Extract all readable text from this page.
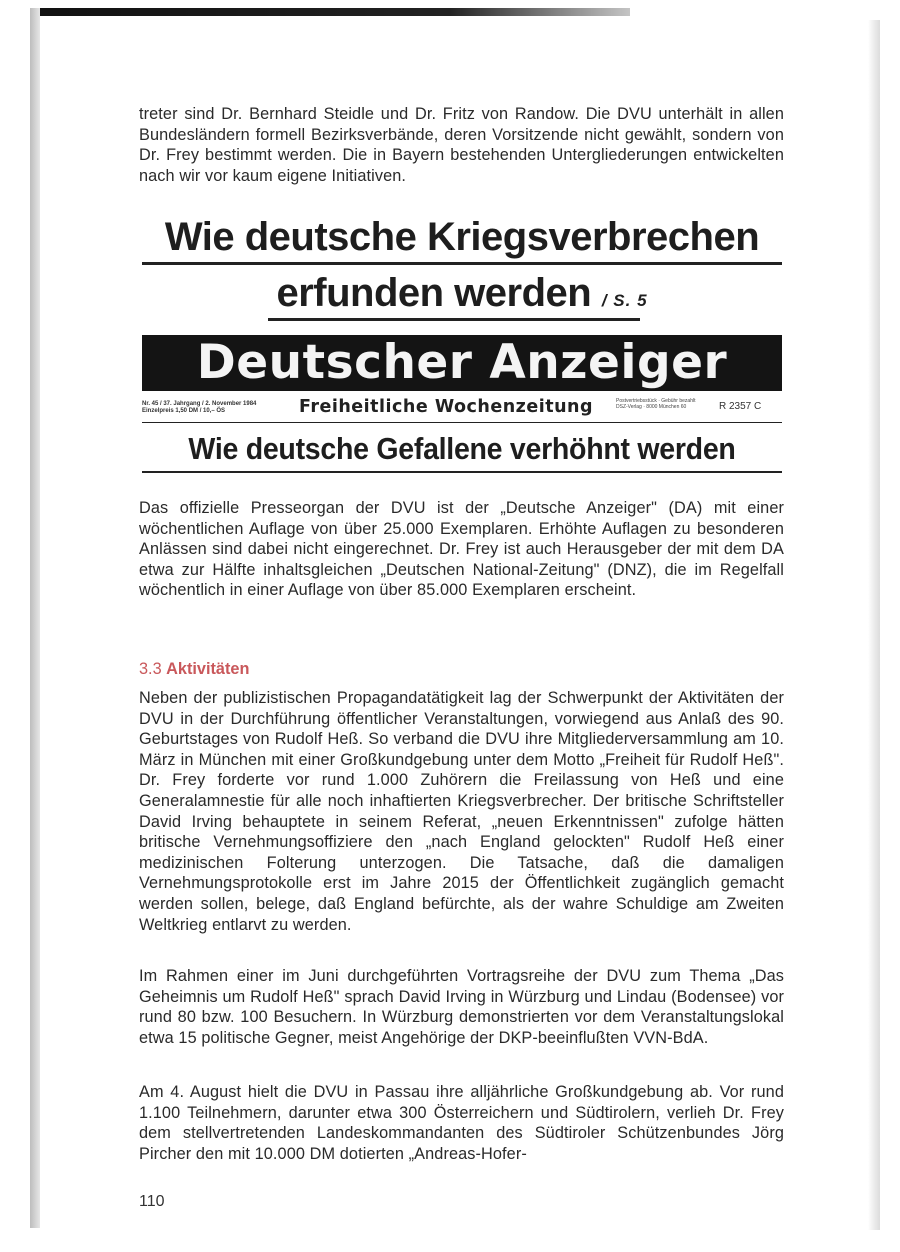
treter sind Dr. Bernhard Steidle und Dr. Fritz von Randow. Die DVU unterhält in allen Bundesländern formell Bezirksverbände, deren Vorsitzende nicht gewählt, sondern von Dr. Frey bestimmt werden. Die in Bayern bestehenden Untergliederungen entwickelten nach wir vor kaum eigene Initiativen.

Wie deutsche Kriegsverbrechen
erfunden werden / S. 5
Deutscher Anzeiger
Nr. 45 / 37. Jahrgang / 2. November 1984
Einzelpreis 1,50 DM / 10,– ÖS	Freiheitliche Wochenzeitung	Postvertriebsstück · Gebühr bezahlt
DSZ-Verlag · 8000 München 60	R 2357 C
Wie deutsche Gefallene verhöhnt werden

Das offizielle Presseorgan der DVU ist der „Deutsche Anzeiger" (DA) mit einer wöchentlichen Auflage von über 25.000 Exemplaren. Erhöhte Auflagen zu besonderen Anlässen sind dabei nicht eingerechnet. Dr. Frey ist auch Herausgeber der mit dem DA etwa zur Hälfte inhaltsgleichen „Deutschen National-Zeitung" (DNZ), die im Regelfall wöchentlich in einer Auflage von über 85.000 Exemplaren erscheint.

3.3 Aktivitäten

Neben der publizistischen Propagandatätigkeit lag der Schwerpunkt der Aktivitäten der DVU in der Durchführung öffentlicher Veranstaltungen, vorwiegend aus Anlaß des 90. Geburtstages von Rudolf Heß. So verband die DVU ihre Mitgliederversammlung am 10. März in München mit einer Großkundgebung unter dem Motto „Freiheit für Rudolf Heß". Dr. Frey forderte vor rund 1.000 Zuhörern die Freilassung von Heß und eine Generalamnestie für alle noch inhaftierten Kriegsverbrecher. Der britische Schriftsteller David Irving behauptete in seinem Referat, „neuen Erkenntnissen" zufolge hätten britische Vernehmungsoffiziere den „nach England gelockten" Rudolf Heß einer medizinischen Folterung unterzogen. Die Tatsache, daß die damaligen Vernehmungsprotokolle erst im Jahre 2015 der Öffentlichkeit zugänglich gemacht werden sollen, belege, daß England befürchte, als der wahre Schuldige am Zweiten Weltkrieg entlarvt zu werden.

Im Rahmen einer im Juni durchgeführten Vortragsreihe der DVU zum Thema „Das Geheimnis um Rudolf Heß" sprach David Irving in Würzburg und Lindau (Bodensee) vor rund 80 bzw. 100 Besuchern. In Würzburg demonstrierten vor dem Veranstaltungslokal etwa 15 politische Gegner, meist Angehörige der DKP-beeinflußten VVN-BdA.

Am 4. August hielt die DVU in Passau ihre alljährliche Großkundgebung ab. Vor rund 1.100 Teilnehmern, darunter etwa 300 Österreichern und Südtirolern, verlieh Dr. Frey dem stellvertretenden Landeskommandanten des Südtiroler Schützenbundes Jörg Pircher den mit 10.000 DM dotierten „Andreas-Hofer-

110
